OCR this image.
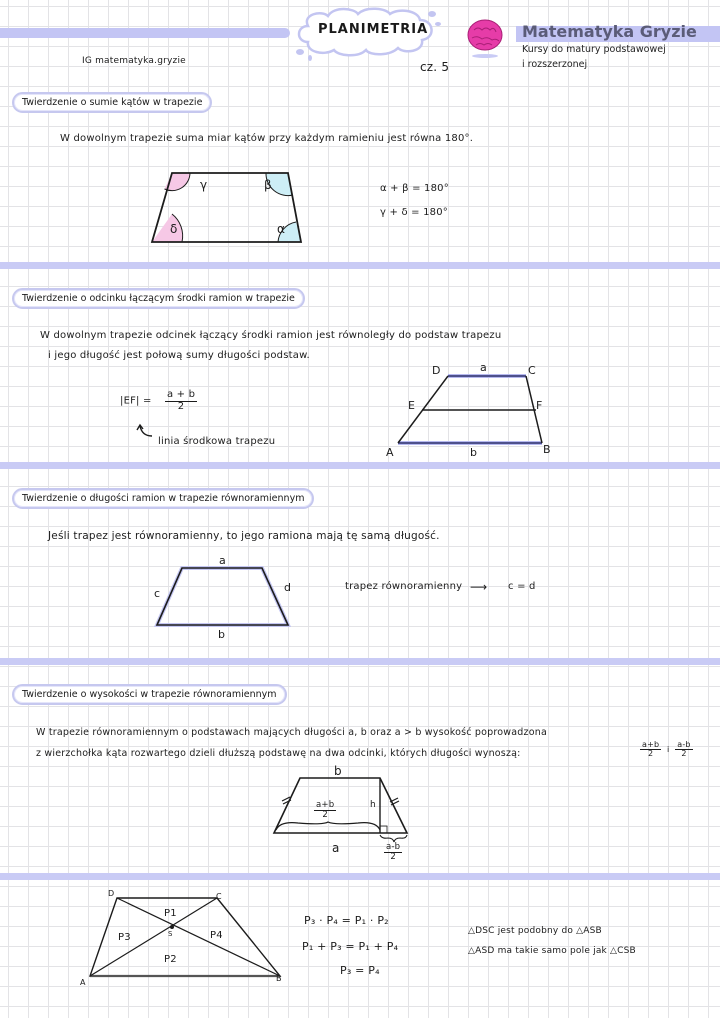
PLANIMETRIA
cz. 5
IG matematyka.gryzie
Matematyka Gryzie
Kursy do matury podstawowej
i rozszerzonej
Twierdzenie o sumie kątów w trapezie
W dowolnym trapezie suma miar kątów przy każdym ramieniu jest równa 180°.
γ	β
δ	α
α + β = 180°
γ + δ = 180°
Twierdzenie o odcinku łączącym środki ramion w trapezie
W dowolnym trapezie odcinek łączący środki ramion jest równoległy do podstaw trapezu
i jego długość jest połową sumy długości podstaw.
$|EF| = \frac{a + b}{2}$
linia środkowa trapezu
D	C
E	F
A	B
a
b
Twierdzenie o długości ramion w trapezie równoramiennym
Jeśli trapez jest równoramienny, to jego ramiona mają tę samą długość.
a
b
c	d	trapez równoramienny ⟶ c = d
Twierdzenie o wysokości w trapezie równoramiennym
W trapezie równoramiennym o podstawach mających długości a, b oraz a > b wysokość poprowadzona
z wierzchołka kąta rozwartego dzieli dłuższą podstawę na dwa odcinki, których długości wynoszą:	$\frac{a+b}{2}$ i $\frac{a-b}{2}$
b
a
h
$\frac{a+b}{2}$
$\frac{a-b}{2}$
D	C
A	B
S
P1
P2
P3	P4
P₃ · P₄ = P₁ · P₂
P₁ + P₃ = P₁ + P₄
P₃ = P₄
△DSC jest podobny do △ASB
△ASD ma takie samo pole jak △CSB
